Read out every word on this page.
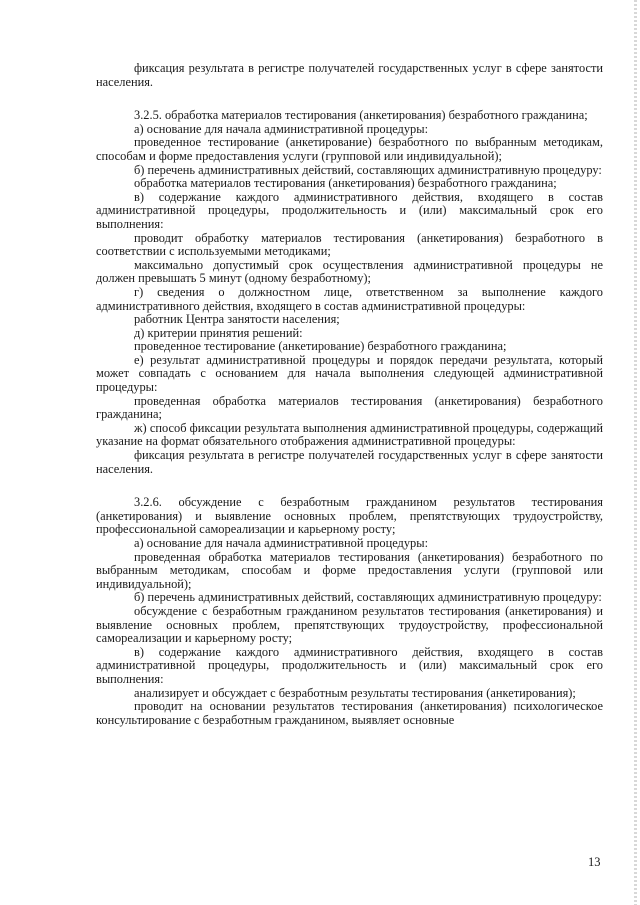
фиксация результата в регистре получателей государственных услуг в сфере занятости населения.

3.2.5. обработка материалов тестирования (анкетирования) безработного гражданина;

а) основание для начала административной процедуры:

проведенное тестирование (анкетирование) безработного по выбранным методикам, способам и форме предоставления услуги (групповой или индивидуальной);

б) перечень административных действий, составляющих административную процедуру:

обработка материалов тестирования (анкетирования) безработного гражданина;

в) содержание каждого административного действия, входящего в состав административной процедуры, продолжительность и (или) максимальный срок его выполнения:

проводит обработку материалов тестирования (анкетирования) безработного в соответствии с используемыми методиками;

максимально допустимый срок осуществления административной процедуры не должен превышать 5 минут (одному безработному);

г) сведения о должностном лице, ответственном за выполнение каждого административного действия, входящего в состав административной процедуры:

работник Центра занятости населения;

д) критерии принятия решений:

проведенное тестирование (анкетирование) безработного гражданина;

е) результат административной процедуры и порядок передачи результата, который может совпадать с основанием для начала выполнения следующей административной процедуры:

проведенная обработка материалов тестирования (анкетирования) безработного гражданина;

ж) способ фиксации результата выполнения административной процедуры, содержащий указание на формат обязательного отображения административной процедуры:

фиксация результата в регистре получателей государственных услуг в сфере занятости населения.

3.2.6. обсуждение с безработным гражданином результатов тестирования (анкетирования) и выявление основных проблем, препятствующих трудоустройству, профессиональной самореализации и карьерному росту;

а) основание для начала административной процедуры:

проведенная обработка материалов тестирования (анкетирования) безработного по выбранным методикам, способам и форме предоставления услуги (групповой или индивидуальной);

б) перечень административных действий, составляющих административную процедуру:

обсуждение с безработным гражданином результатов тестирования (анкетирования) и выявление основных проблем, препятствующих трудоустройству, профессиональной самореализации и карьерному росту;

в) содержание каждого административного действия, входящего в состав административной процедуры, продолжительность и (или) максимальный срок его выполнения:

анализирует и обсуждает с безработным результаты тестирования (анкетирования);

проводит на основании результатов тестирования (анкетирования) психологическое консультирование с безработным гражданином, выявляет основные

13
